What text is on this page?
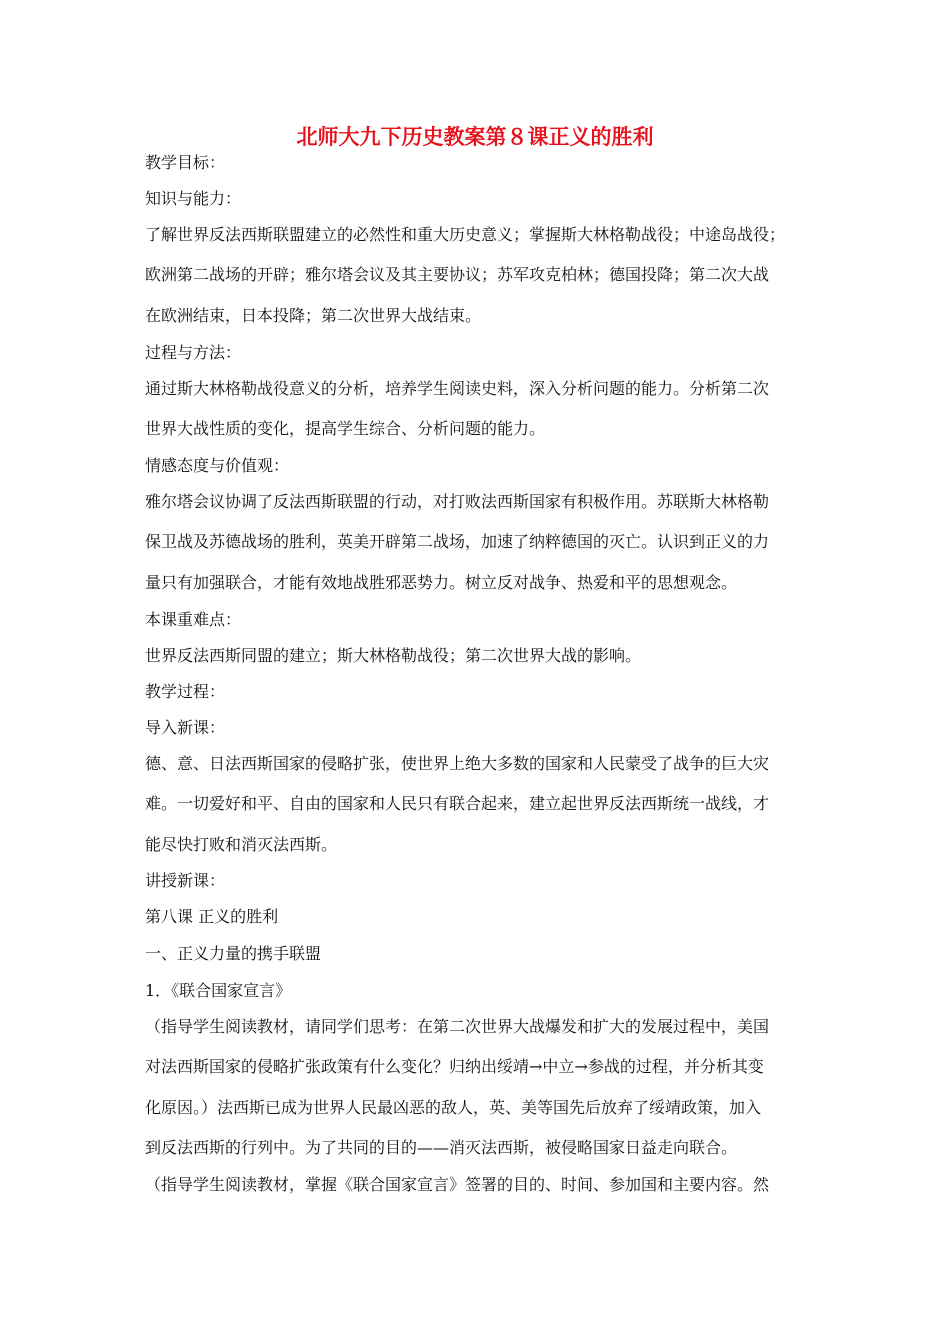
北师大九下历史教案第８课正义的胜利
教学目标：
知识与能力：
了解世界反法西斯联盟建立的必然性和重大历史意义；掌握斯大林格勒战役；中途岛战役；
欧洲第二战场的开辟；雅尔塔会议及其主要协议；苏军攻克柏林；德国投降；第二次大战
在欧洲结束，日本投降；第二次世界大战结束。
过程与方法：
通过斯大林格勒战役意义的分析，培养学生阅读史料，深入分析问题的能力。分析第二次
世界大战性质的变化，提高学生综合、分析问题的能力。
情感态度与价值观：
雅尔塔会议协调了反法西斯联盟的行动，对打败法西斯国家有积极作用。苏联斯大林格勒
保卫战及苏德战场的胜利，英美开辟第二战场，加速了纳粹德国的灭亡。认识到正义的力
量只有加强联合，才能有效地战胜邪恶势力。树立反对战争、热爱和平的思想观念。
本课重难点：
世界反法西斯同盟的建立；斯大林格勒战役；第二次世界大战的影响。
教学过程：
导入新课：
德、意、日法西斯国家的侵略扩张，使世界上绝大多数的国家和人民蒙受了战争的巨大灾
难。一切爱好和平、自由的国家和人民只有联合起来，建立起世界反法西斯统一战线，才
能尽快打败和消灭法西斯。
讲授新课：
第八课 正义的胜利
一、正义力量的携手联盟
1．《联合国家宣言》
（指导学生阅读教材，请同学们思考：在第二次世界大战爆发和扩大的发展过程中，美国
对法西斯国家的侵略扩张政策有什么变化？归纳出绥靖→中立→参战的过程，并分析其变
化原因。）法西斯已成为世界人民最凶恶的敌人，英、美等国先后放弃了绥靖政策，加入
到反法西斯的行列中。为了共同的目的——消灭法西斯，被侵略国家日益走向联合。
（指导学生阅读教材，掌握《联合国家宣言》签署的目的、时间、参加国和主要内容。然
